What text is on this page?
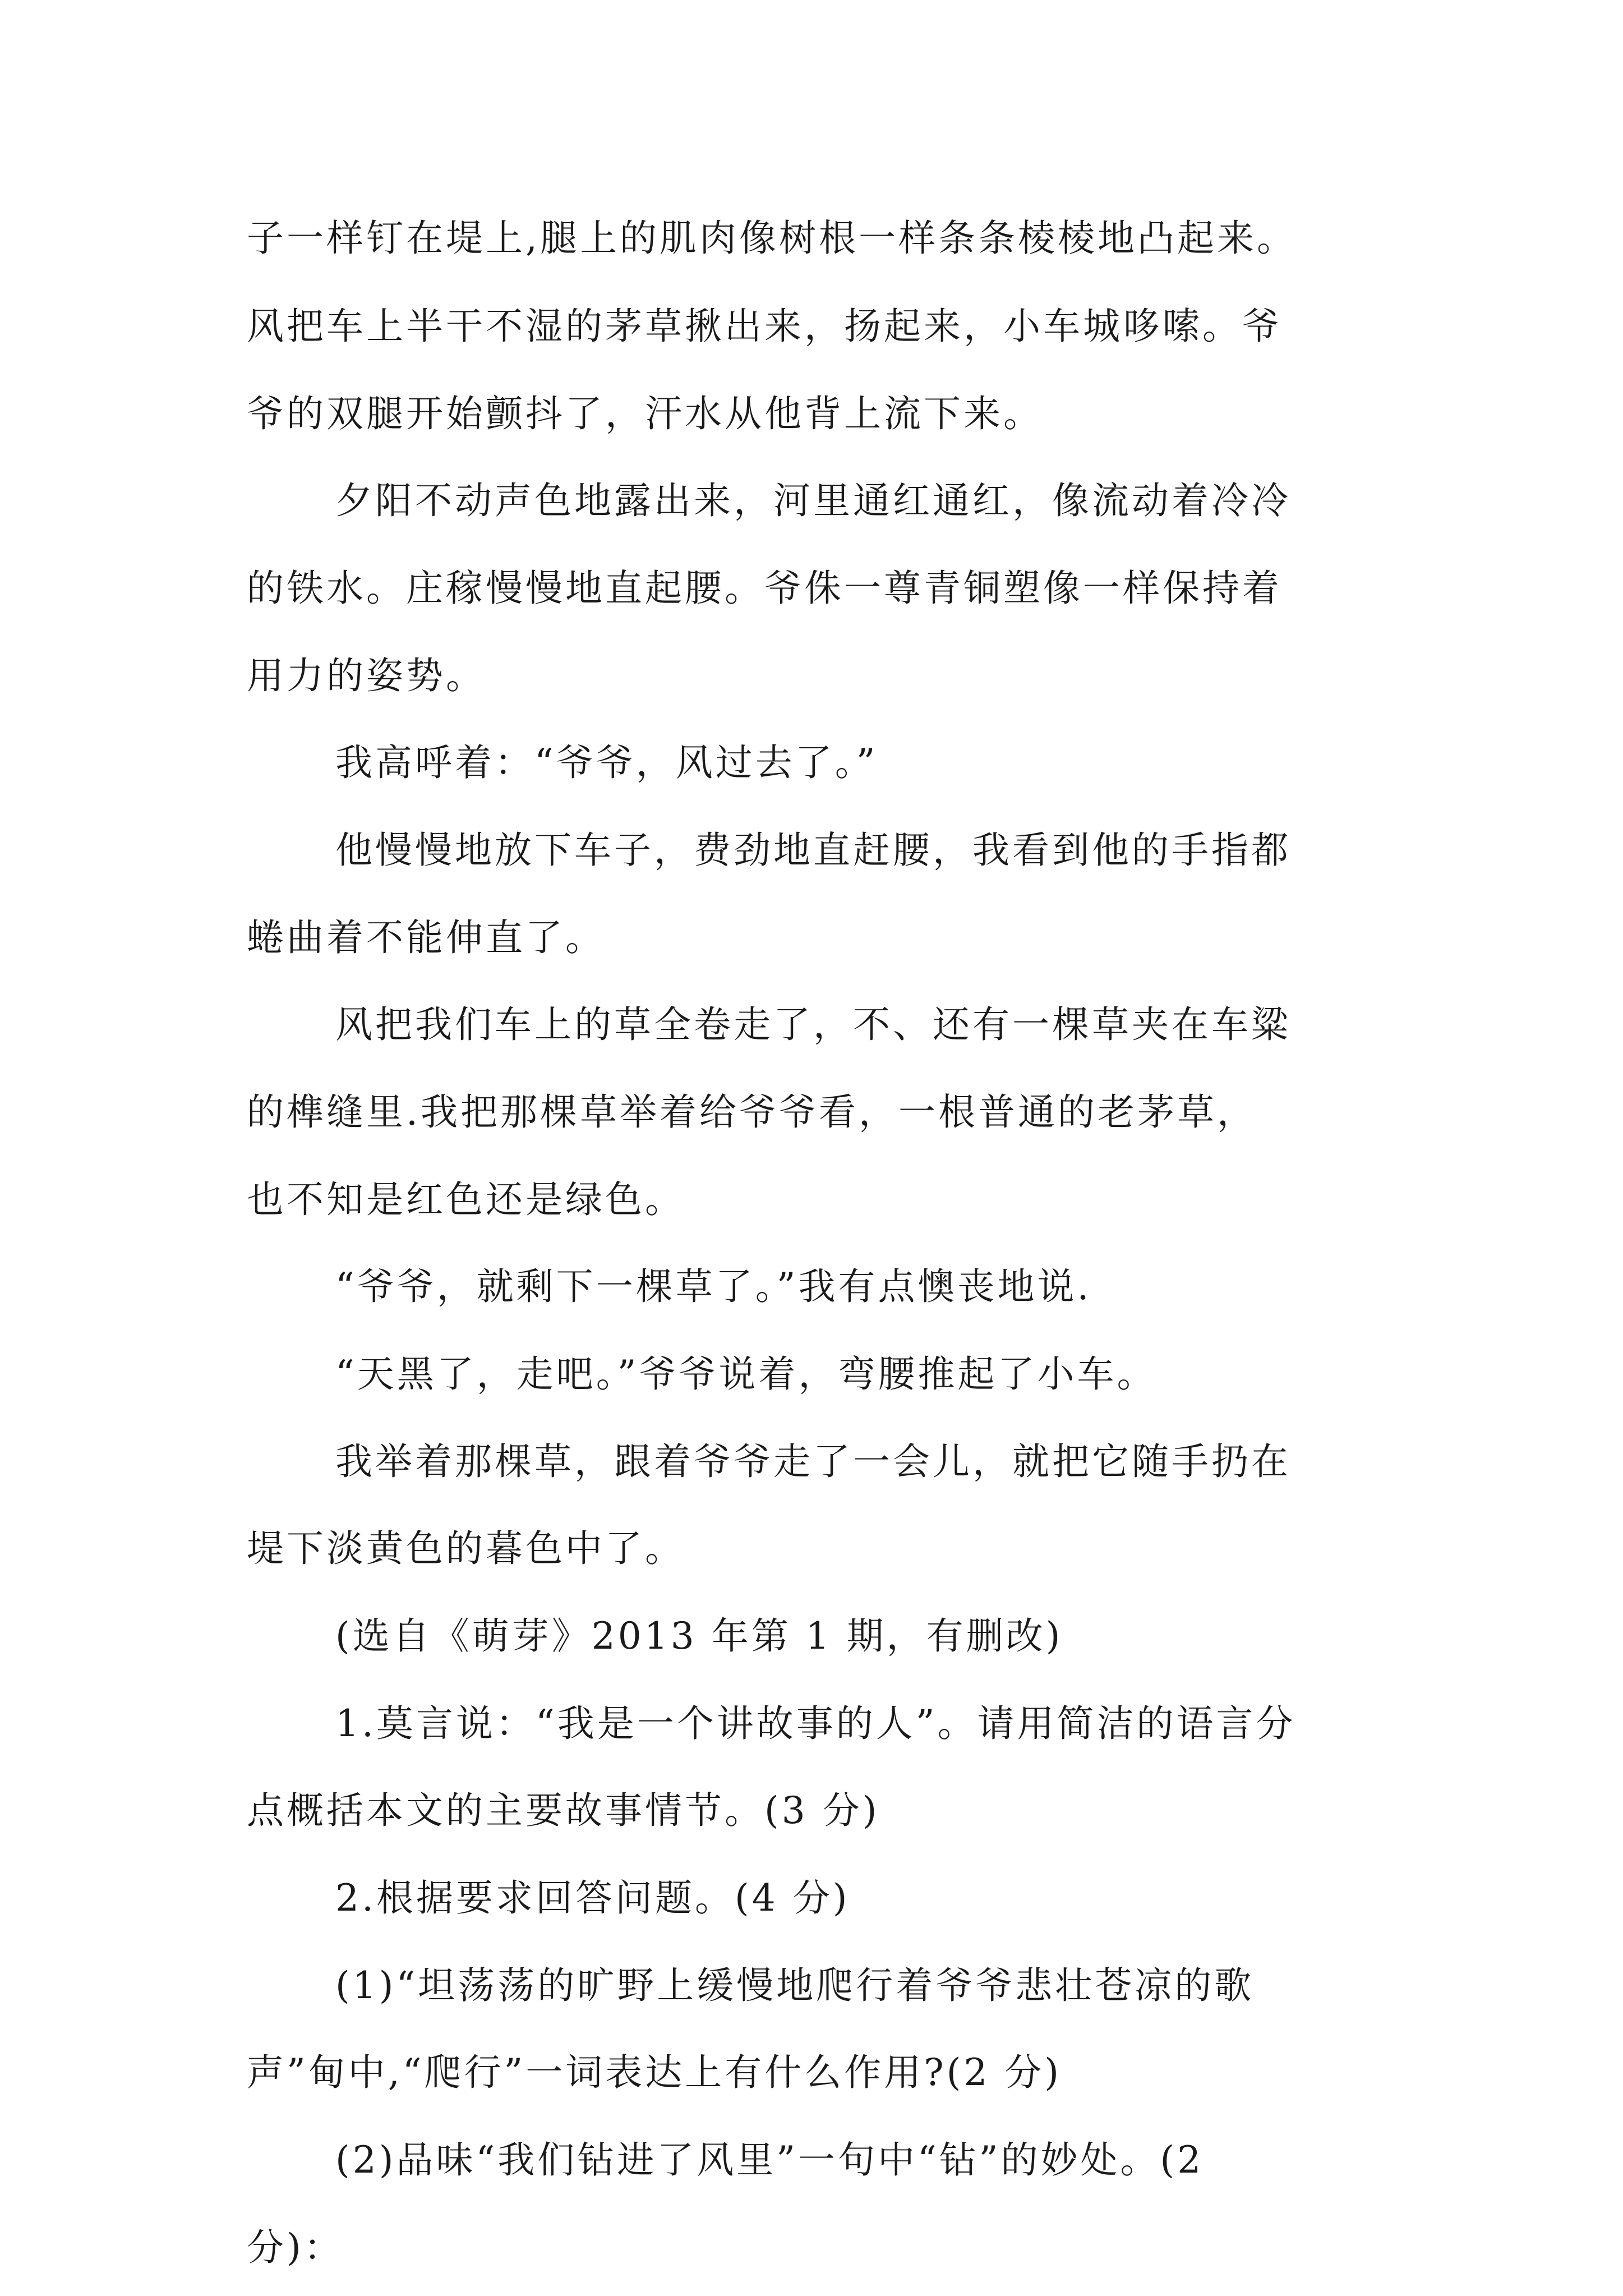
子一样钉在堤上,腿上的肌肉像树根一样条条棱棱地凸起来。
风把车上半干不湿的茅草揪出来，扬起来，小车城哆嗦。爷
爷的双腿开始颤抖了，汗水从他背上流下来。
夕阳不动声色地露出来，河里通红通红，像流动着冷冷
的铁水。庄稼慢慢地直起腰。爷侏一尊青铜塑像一样保持着
用力的姿势。
我高呼着：“爷爷，风过去了。”
他慢慢地放下车子，费劲地直赶腰，我看到他的手指都
蜷曲着不能伸直了。
风把我们车上的草全卷走了，不、还有一棵草夹在车粱
的榫缝里.我把那棵草举着给爷爷看，一根普通的老茅草，
也不知是红色还是绿色。
“爷爷，就剩下一棵草了。”我有点懊丧地说.
“天黑了，走吧。”爷爷说着，弯腰推起了小车。
我举着那棵草，跟着爷爷走了一会儿，就把它随手扔在
堤下淡黄色的暮色中了。
(选自《萌芽》2013 年第 1 期，有删改)
1.莫言说：“我是一个讲故事的人”。请用简洁的语言分
点概括本文的主要故事情节。(3 分)
2.根据要求回答问题。(4 分)
(1)“坦荡荡的旷野上缓慢地爬行着爷爷悲壮苍凉的歌
声”甸中,“爬行”一词表达上有什么作用?(2 分)
(2)品味“我们钻进了风里”一句中“钻”的妙处。(2
分)：
